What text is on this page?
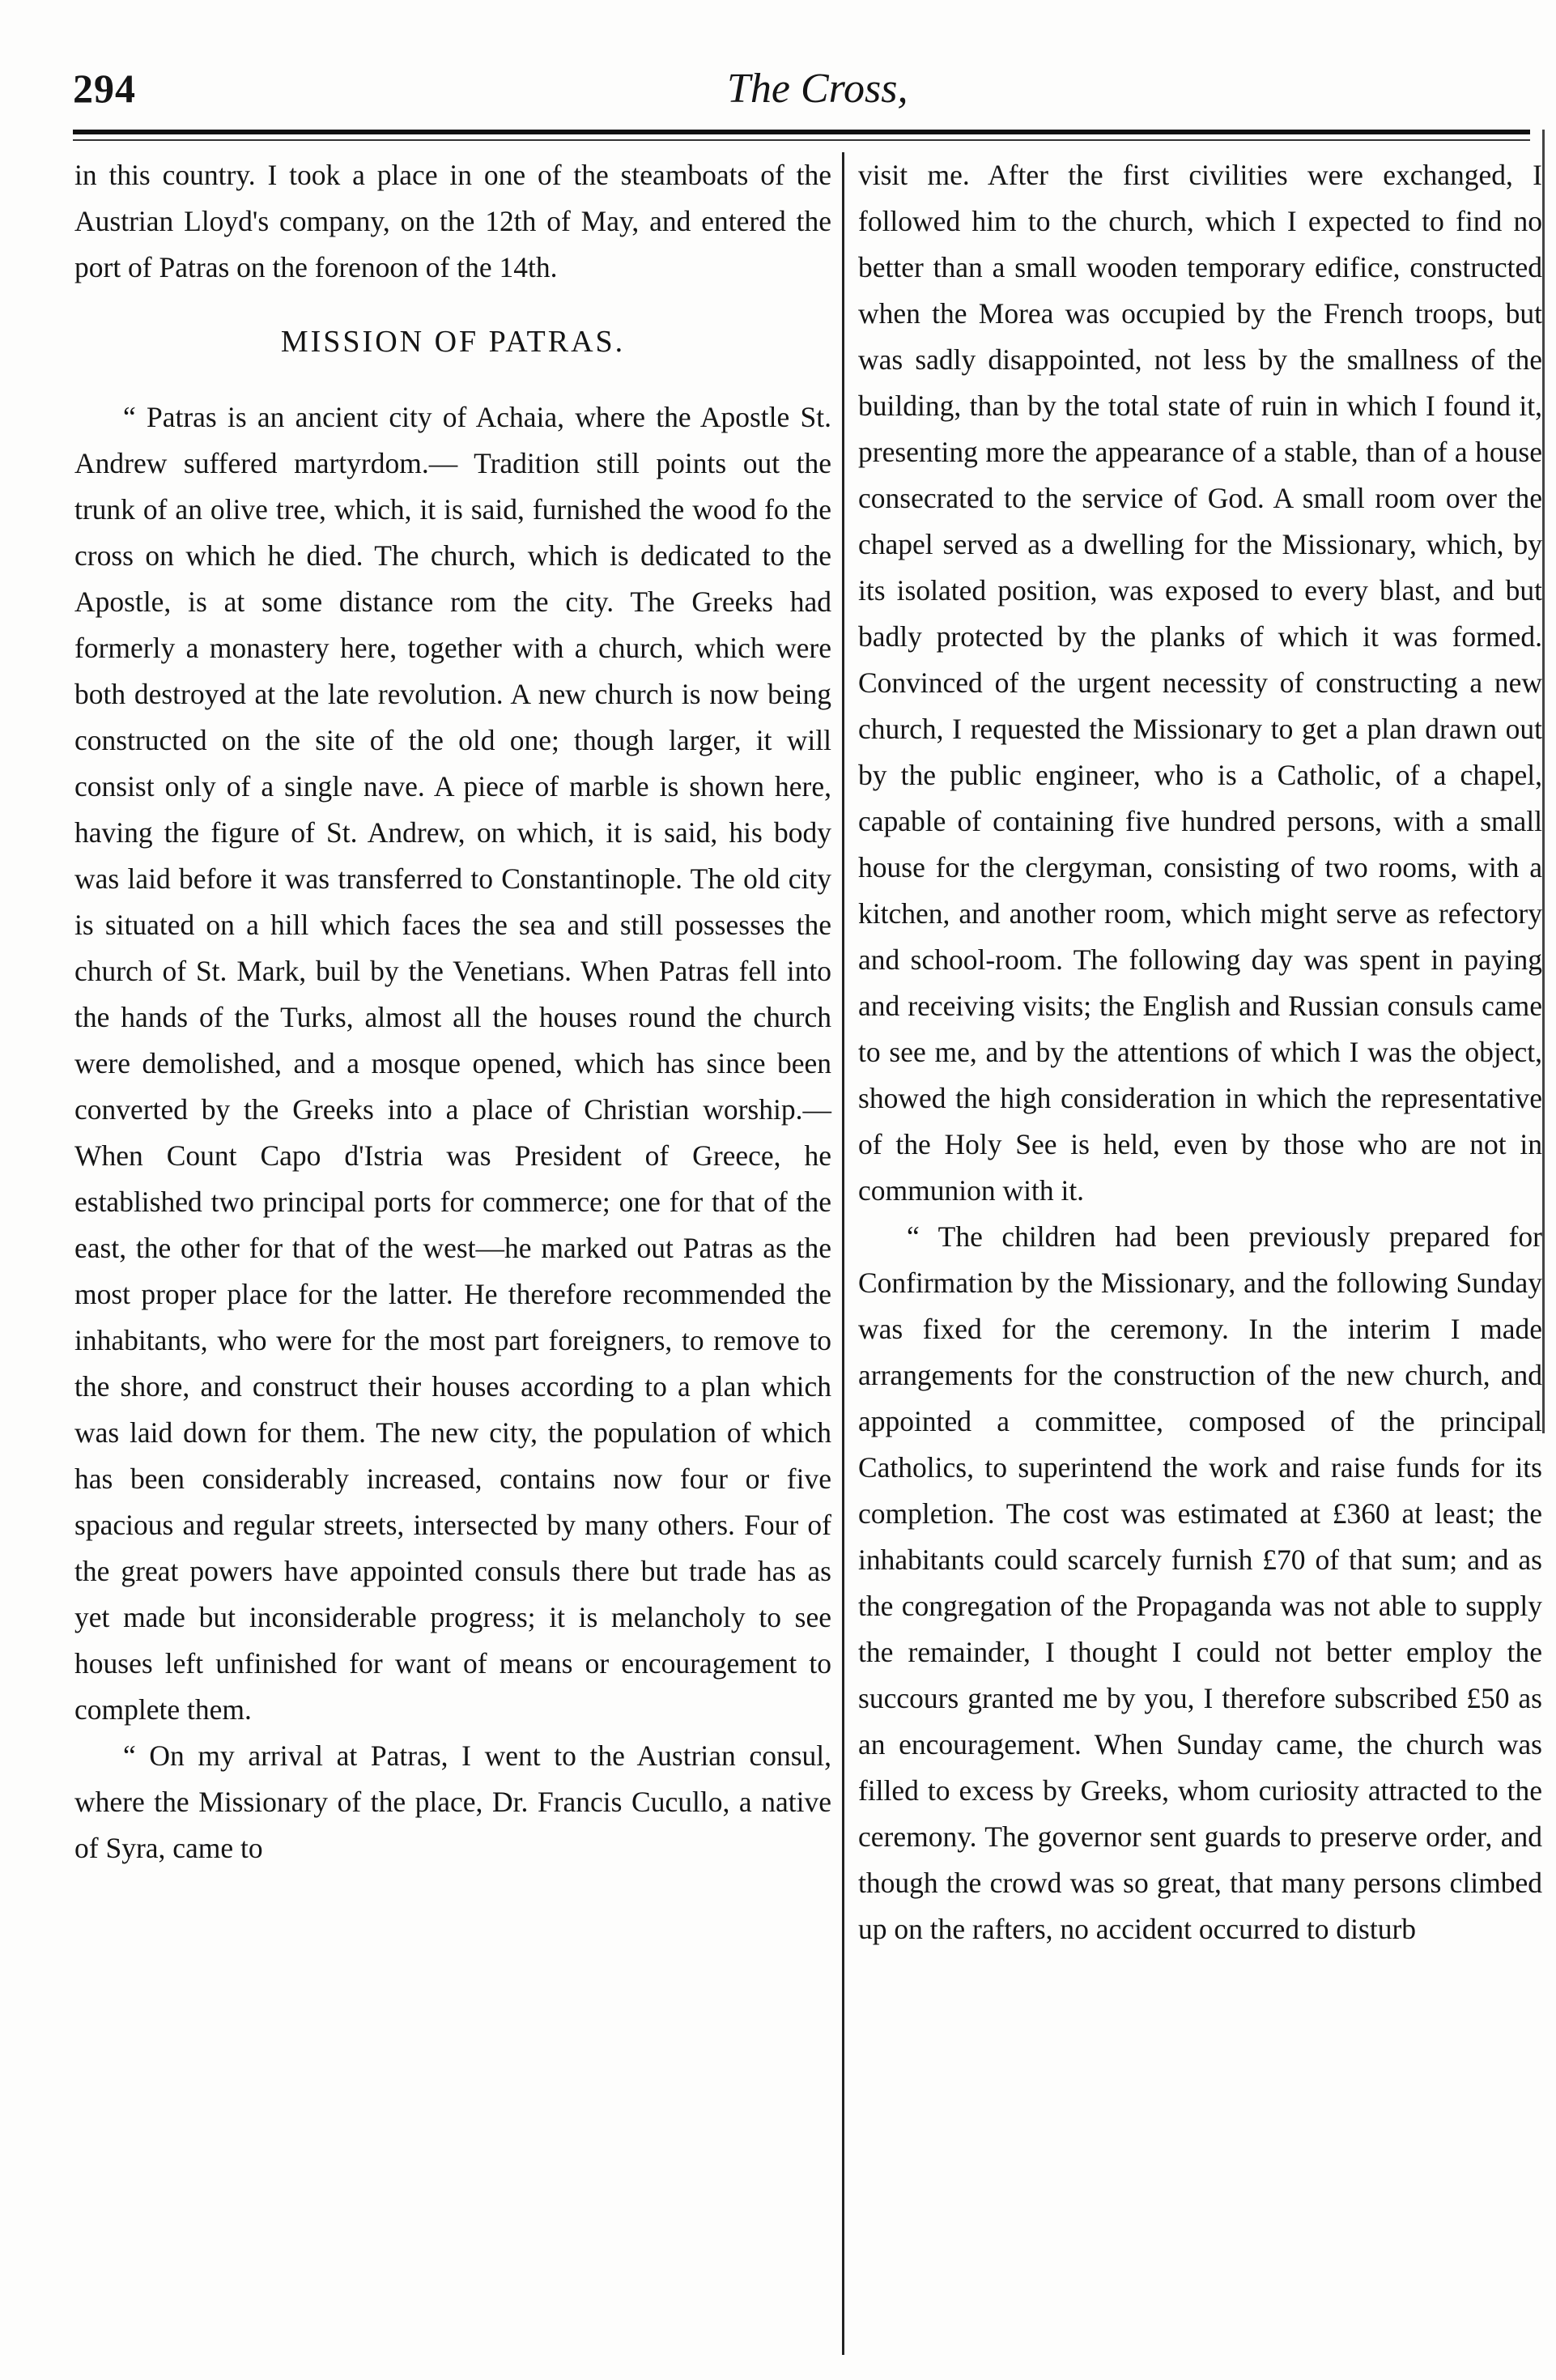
294	The Cross,

in this country. I took a place in one of the steamboats of the Austrian Lloyd's company, on the 12th of May, and entered the port of Patras on the forenoon of the 14th.

MISSION OF PATRAS.

“ Patras is an ancient city of Achaia, where the Apostle St. Andrew suffered martyrdom.— Tradition still points out the trunk of an olive tree, which, it is said, furnished the wood fo the cross on which he died. The church, which is dedicated to the Apostle, is at some distance rom the city. The Greeks had formerly a monastery here, together with a church, which were both destroyed at the late revolution. A new church is now being constructed on the site of the old one; though larger, it will consist only of a single nave. A piece of marble is shown here, having the figure of St. Andrew, on which, it is said, his body was laid before it was transferred to Constantinople. The old city is situated on a hill which faces the sea and still possesses the church of St. Mark, buil by the Venetians. When Patras fell into the hands of the Turks, almost all the houses round the church were demolished, and a mosque opened, which has since been converted by the Greeks into a place of Christian worship.— When Count Capo d'Istria was President of Greece, he established two principal ports for commerce; one for that of the east, the other for that of the west—he marked out Patras as the most proper place for the latter. He therefore recommended the inhabitants, who were for the most part foreigners, to remove to the shore, and construct their houses according to a plan which was laid down for them. The new city, the population of which has been considerably increased, contains now four or five spacious and regular streets, intersected by many others. Four of the great powers have appointed consuls there but trade has as yet made but inconsiderable progress; it is melancholy to see houses left unfinished for want of means or encouragement to complete them.

“ On my arrival at Patras, I went to the Austrian consul, where the Missionary of the place, Dr. Francis Cucullo, a native of Syra, came to

visit me. After the first civilities were exchanged, I followed him to the church, which I expected to find no better than a small wooden temporary edifice, constructed when the Morea was occupied by the French troops, but was sadly disappointed, not less by the smallness of the building, than by the total state of ruin in which I found it, presenting more the appearance of a stable, than of a house consecrated to the service of God. A small room over the chapel served as a dwelling for the Missionary, which, by its isolated position, was exposed to every blast, and but badly protected by the planks of which it was formed. Convinced of the urgent necessity of constructing a new church, I requested the Missionary to get a plan drawn out by the public engineer, who is a Catholic, of a chapel, capable of containing five hundred persons, with a small house for the clergyman, consisting of two rooms, with a kitchen, and another room, which might serve as refectory and school-room. The following day was spent in paying and receiving visits; the English and Russian consuls came to see me, and by the attentions of which I was the object, showed the high consideration in which the representative of the Holy See is held, even by those who are not in communion with it.

“ The children had been previously prepared for Confirmation by the Missionary, and the following Sunday was fixed for the ceremony. In the interim I made arrangements for the construction of the new church, and appointed a committee, composed of the principal Catholics, to superintend the work and raise funds for its completion. The cost was estimated at £360 at least; the inhabitants could scarcely furnish £70 of that sum; and as the congregation of the Propaganda was not able to supply the remainder, I thought I could not better employ the succours granted me by you, I therefore subscribed £50 as an encouragement. When Sunday came, the church was filled to excess by Greeks, whom curiosity attracted to the ceremony. The governor sent guards to preserve order, and though the crowd was so great, that many persons climbed up on the rafters, no accident occurred to disturb
